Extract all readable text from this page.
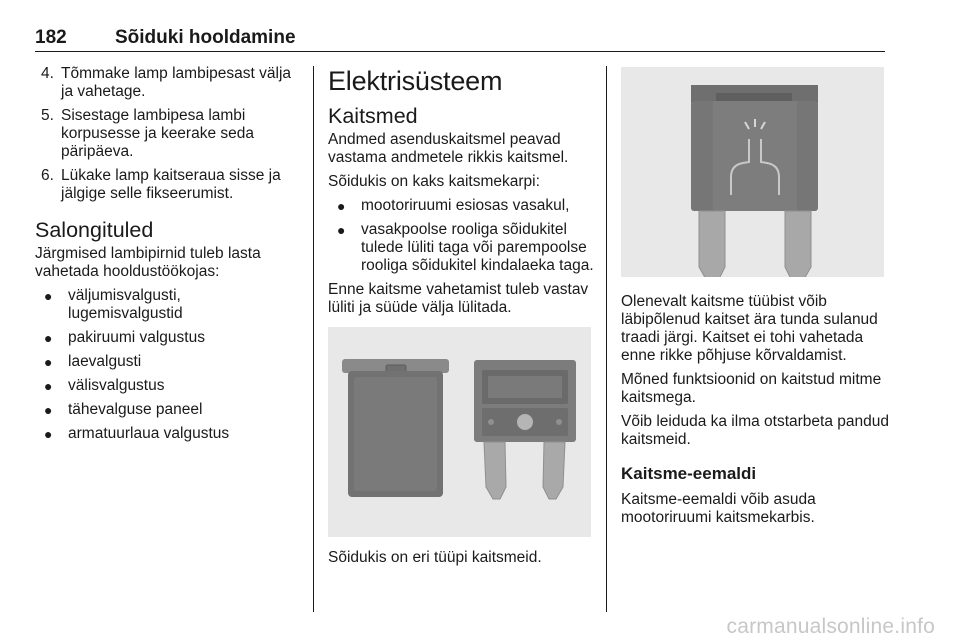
182	Sõiduki hooldamine
4. Tõmmake lamp lambipesast välja ja vahetage.
5. Sisestage lambipesa lambi korpusesse ja keerake seda päripäeva.
6. Lükake lamp kaitseraua sisse ja jälgige selle fikseerumist.
Salongituled

Järgmised lambipirnid tuleb lasta vahetada hooldustöökojas:

● väljumisvalgusti, lugemisvalgustid
● pakiruumi valgustus
● laevalgusti
● välisvalgustus
● tähevalguse paneel
● armatuurlaua valgustus
Elektrisüsteem
Kaitsmed

Andmed asenduskaitsmel peavad vastama andmetele rikkis kaitsmel.

Sõidukis on kaks kaitsmekarpi:

● mootoriruumi esiosas vasakul,
● vasakpoolse rooliga sõidukitel tulede lüliti taga või parempoolse rooliga sõidukitel kindalaeka taga.

Enne kaitsme vahetamist tuleb vastav lüliti ja süüde välja lülitada.

Sõidukis on eri tüüpi kaitsmeid.

Olenevalt kaitsme tüübist võib läbipõlenud kaitset ära tunda sulanud traadi järgi. Kaitset ei tohi vahetada enne rikke põhjuse kõrvaldamist.

Mõned funktsioonid on kaitstud mitme kaitsmega.

Võib leiduda ka ilma otstarbeta pandud kaitsmeid.

Kaitsme-eemaldi

Kaitsme-eemaldi võib asuda mootoriruumi kaitsmekarbis.

carmanualsonline.info
